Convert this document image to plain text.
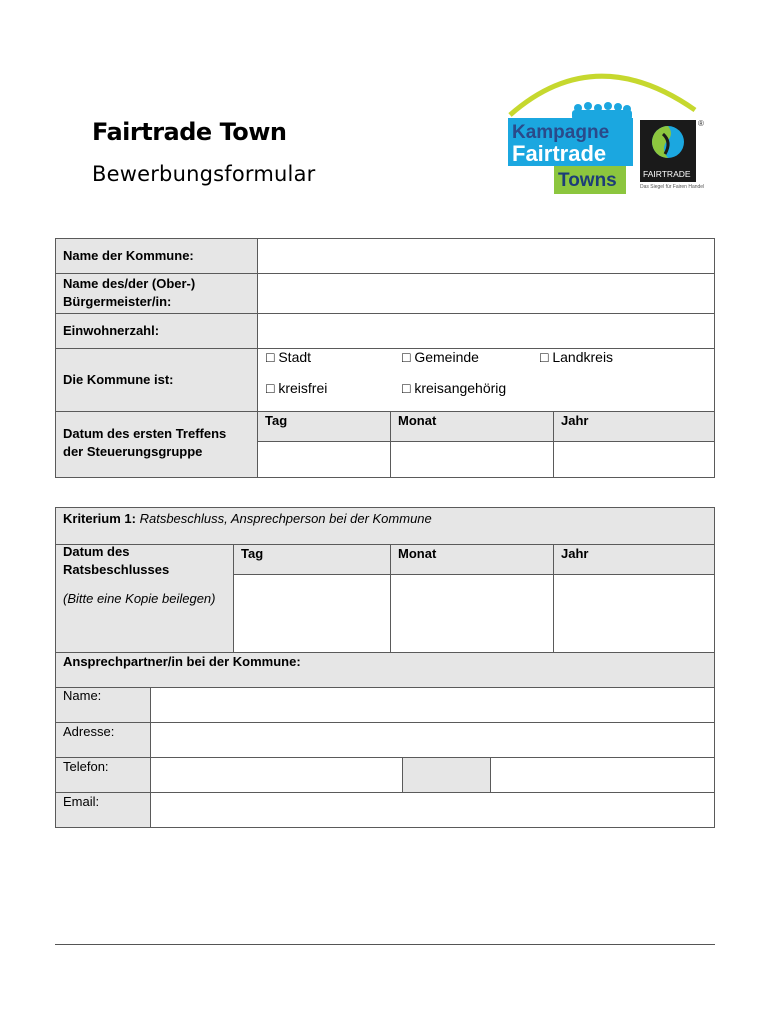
Fairtrade Town
Bewerbungsformular
Kampagne
Fairtrade
Towns	FAIRTRADE
®
Das Siegel für Fairen Handel
Name der Kommune:
Name des/der (Ober-)
Bürgermeister/in:
Einwohnerzahl:
Die Kommune ist:
□ Stadt	□ Gemeinde	□ Landkreis
□ kreisfrei	□ kreisangehörig
Datum des ersten Treffens
der Steuerungsgruppe
Tag	Monat	Jahr
Kriterium 1: Ratsbeschluss, Ansprechperson bei der Kommune
Datum des
Ratsbeschlusses
(Bitte eine Kopie beilegen)
Tag	Monat	Jahr
Ansprechpartner/in bei der Kommune:
Name:
Adresse:
Telefon:
Email:
